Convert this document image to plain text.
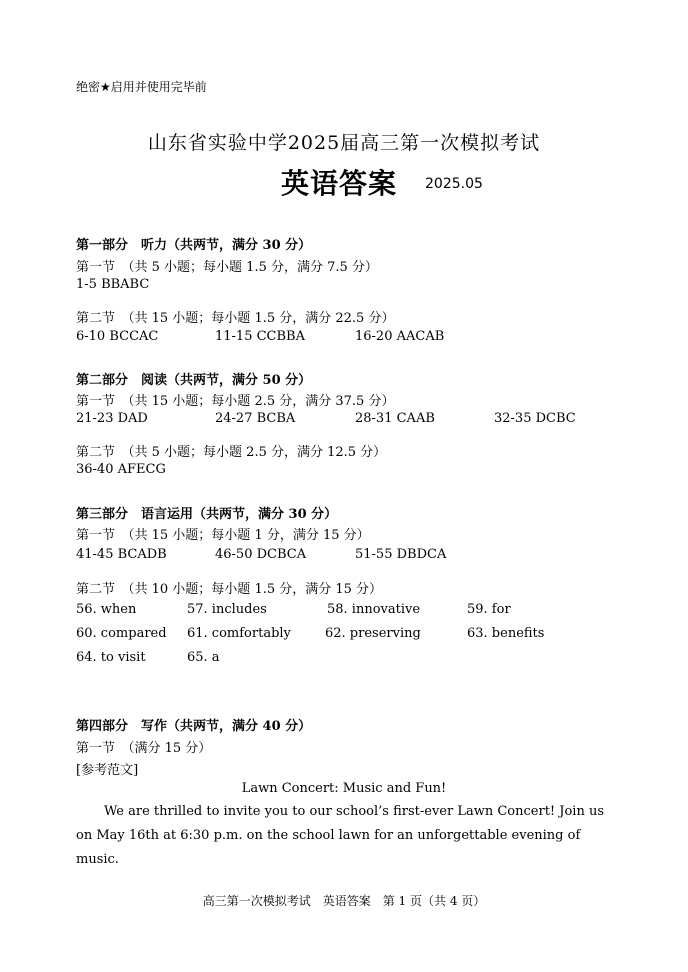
绝密★启用并使用完毕前
山东省实验中学2025届高三第一次模拟考试
英语答案 2025.05
第一部分　听力（共两节，满分 30 分）
第一节　（共 5 小题；每小题 1.5 分，满分 7.5 分）
1-5 BBABC
第二节　（共 15 小题；每小题 1.5 分，满分 22.5 分）
6-10 BCCAC	11-15 CCBBA	16-20 AACAB
第二部分　阅读（共两节，满分 50 分）
第一节　（共 15 小题；每小题 2.5 分，满分 37.5 分）
21-23 DAD	24-27 BCBA	28-31 CAAB	32-35 DCBC
第二节　（共 5 小题；每小题 2.5 分，满分 12.5 分）
36-40 AFECG
第三部分　语言运用（共两节，满分 30 分）
第一节　（共 15 小题；每小题 1 分，满分 15 分）
41-45 BCADB	46-50 DCBCA	51-55 DBDCA
第二节　（共 10 小题；每小题 1.5 分，满分 15 分）
56. when	57. includes	58. innovative	59. for
60. compared 61. comfortably	62. preserving	63. benefits
64. to visit	65. a
第四部分　写作（共两节，满分 40 分）
第一节　（满分 15 分）
[参考范文]
Lawn Concert: Music and Fun!
We are thrilled to invite you to our school’s first-ever Lawn Concert! Join us on May 16th at 6:30 p.m. on the school lawn for an unforgettable evening of music.
高三第一次模拟考试　英语答案　第 1 页（共 4 页）
